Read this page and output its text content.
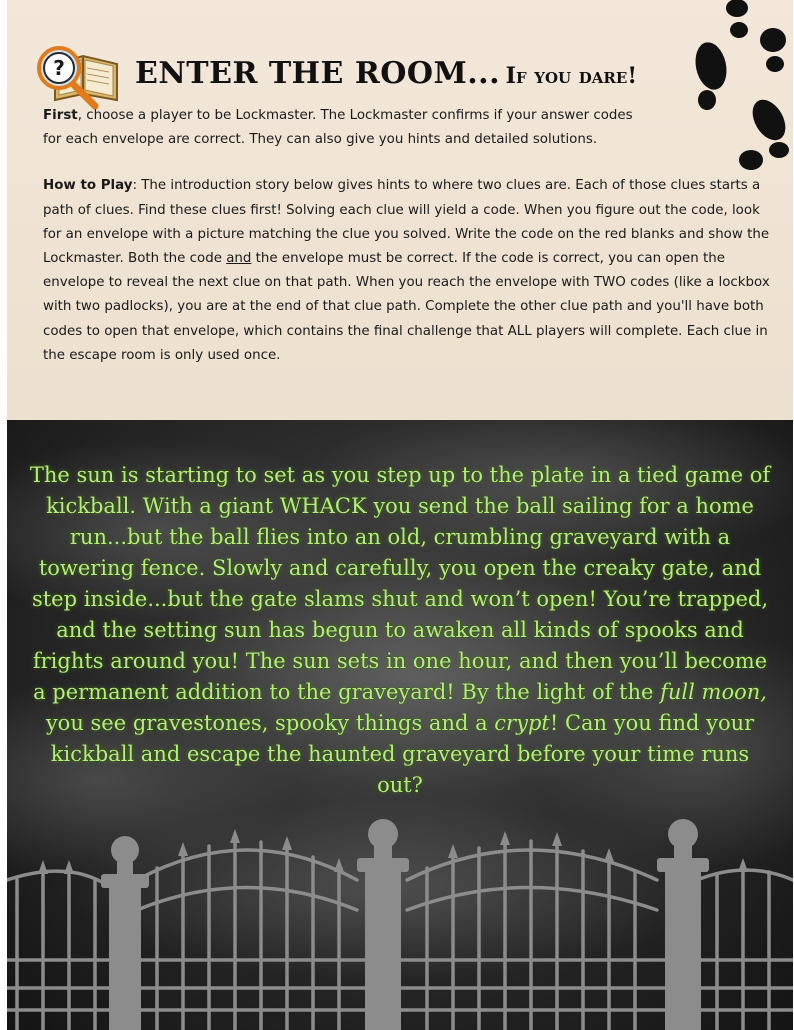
? ENTER THE ROOM... If you dare!

First, choose a player to be Lockmaster. The Lockmaster confirms if your answer codes for each envelope are correct. They can also give you hints and detailed solutions.

How to Play: The introduction story below gives hints to where two clues are. Each of those clues starts a path of clues. Find these clues first! Solving each clue will yield a code. When you figure out the code, look for an envelope with a picture matching the clue you solved. Write the code on the red blanks and show the Lockmaster. Both the code and the envelope must be correct. If the code is correct, you can open the envelope to reveal the next clue on that path. When you reach the envelope with TWO codes (like a lockbox with two padlocks), you are at the end of that clue path. Complete the other clue path and you'll have both codes to open that envelope, which contains the final challenge that ALL players will complete. Each clue in the escape room is only used once.

The sun is starting to set as you step up to the plate in a tied game of kickball. With a giant WHACK you send the ball sailing for a home run...but the ball flies into an old, crumbling graveyard with a towering fence. Slowly and carefully, you open the creaky gate, and step inside...but the gate slams shut and won’t open! You’re trapped, and the setting sun has begun to awaken all kinds of spooks and frights around you! The sun sets in one hour, and then you’ll become a permanent addition to the graveyard! By the light of the full moon, you see gravestones, spooky things and a crypt! Can you find your kickball and escape the haunted graveyard before your time runs out?
